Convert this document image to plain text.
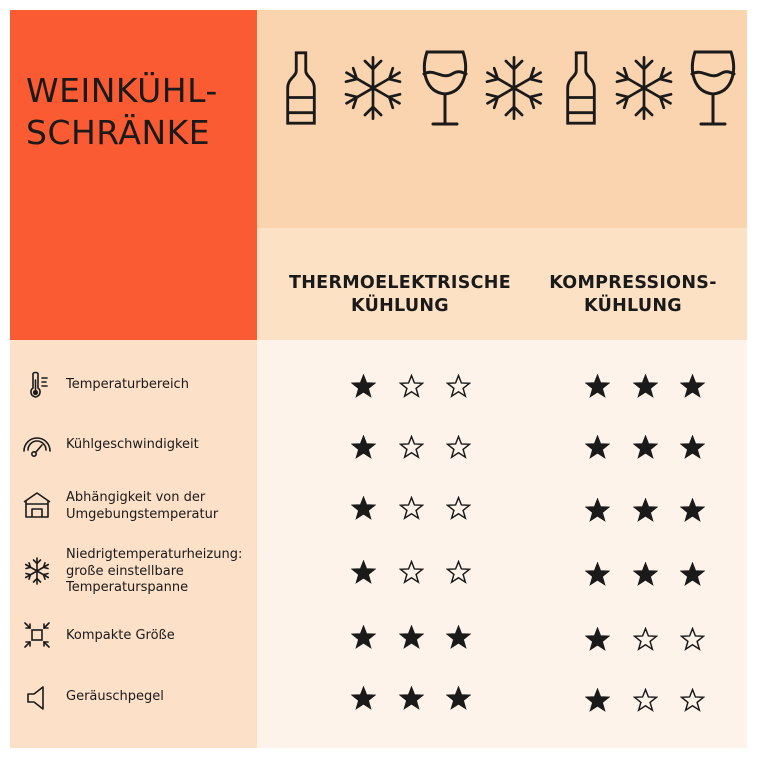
WEINKÜHL-
SCHRÄNKE
THERMOELEKTRISCHE
KÜHLUNG
KOMPRESSIONS-
KÜHLUNG
Temperaturbereich
Kühlgeschwindigkeit
Abhängigkeit von der
Umgebungstemperatur
Niedrigtemperaturheizung:
große einstellbare
Temperaturspanne
Kompakte Größe
Geräuschpegel
